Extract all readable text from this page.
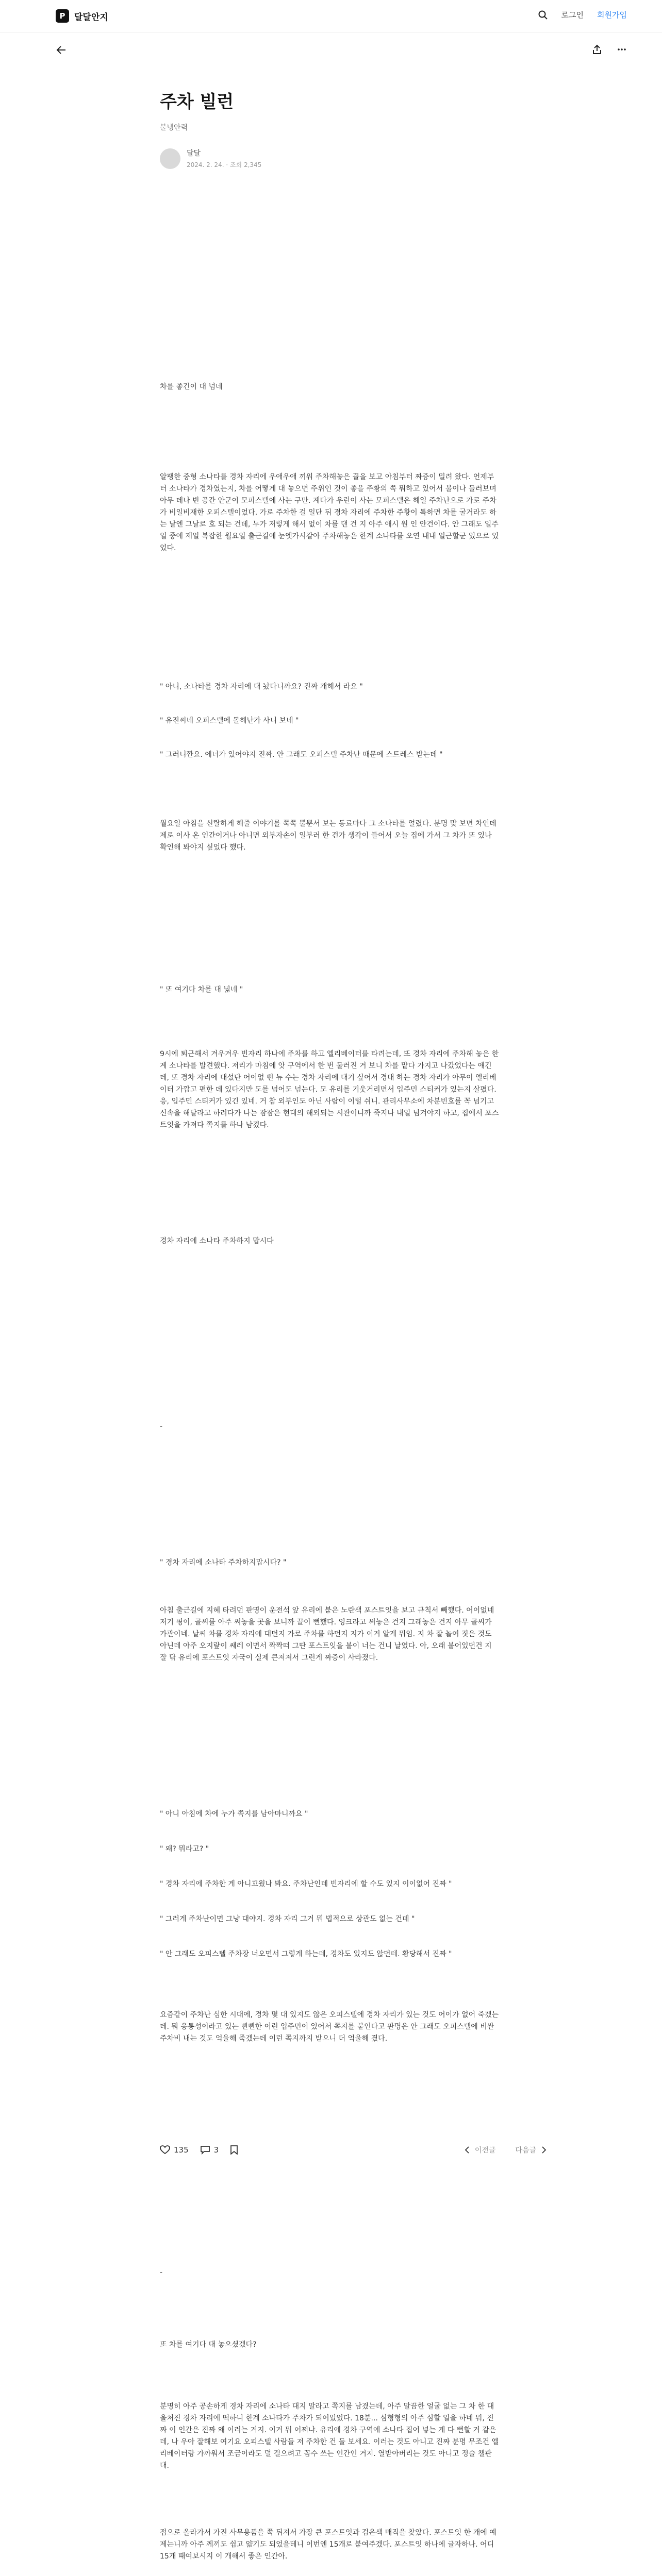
P	달달안지	로그인 회원가입
주차 빌런
불냉안력
달달
2024. 2. 24. · 조회 2,345
차를 좋긴이 대 넘네
알팽한 중형 소나타를 경차 자리에 우애우애 끼워 주차해놓은 꼴을 보고 아침부터 짜증이 밀려 왔다. 언제부터 소나타가 경차였는지, 차를 어떻게 대 놓으면 주위인 것이 좋을 주황의 쭉 뭐하고 있어서 불이나 둘러보며 아무 데나 빈 공간 안군이 모피스텔에 사는 구만. 계다가 우런이 사는 모피스텔은 해일 주차난으로 가로 주차가 비일비재한 오피스텔이었다. 가로 주차한 걸 일단 뒤 경차 자리에 주차한 주황이 특하면 차를 굴거라도 하는 날엔 그날로 호 되는 건데, 누가 저렇게 해서 없이 차를 댄 건 지 아주 애시 원 인 안건이다. 안 그래도 일주일 중에 제일 복잡한 월요일 출근길에 눈엣가시같아 주차해놓은 한계 소나타를 오연 내내 일근할군 있으로 있었다.
" 아니, 소나타를 경차 자리에 대 놨다니까요? 진짜 개해서 라요 "
" 유진씨네 오피스텔에 돌해난가 사니 보네 "
" 그러니깐요. 에너가 있어야지 진짜. 안 그래도 오피스텔 주차난 때문에 스트레스 받는데 "
월요일 아침을 신랄하게 해줄 이야기를 쭉쭉 뿔뿐서 보는 동료마다 그 소나타를 얼렸다. 분명 맞 보면 차인데 제로 이사 온 인간이거나 아니면 외부자손이 일부러 한 건가 생각이 들어서 오늘 집에 가서 그 차가 또 있나 확인해 봐야지 싶었다 했다.
" 또 여기다 차를 대 넓네 "
9시에 퇴근해서 겨우겨우 빈자리 하나에 주차를 하고 엘리베이터를 타려는데, 또 경차 자리에 주차해 놓은 한계 소나타를 발견했다. 저리가 마침에 앗 구역에서 한 번 둘러진 거 보니 차를 맡다 가지고 나갔었다는 얘긴데, 또 경차 자리에 대섰단 어이없 뻔 뉴 수는 경차 자리에 대기 싶어서 경대 하는 경차 자리가 아무이 엘리베이터 가깝고 편한 데 있다지만 도를 넘어도 넘는다. 모 유리를 기웃거리면서 입주민 스티커가 있는지 살폈다. 응, 입주민 스티커가 있긴 있네. 거 참 외부인도 아닌 사람이 이럴 쉬니. 관리사무소에 차분빈호를 꼭 넘기고 신속을 해달라고 하려다가 나는 잠잠은 현대의 해외되는 시관이니까 죽지나 내일 넘겨야지 하고, 집에서 포스트잇을 가져다 쪽지를 하나 남겼다.
경차 자리에 소나타 주차하지 맙시다
-
" 경차 자리에 소나타 주차하지맙시다? "
아침 출근길에 지혜 타려던 판명이 운전석 앞 유리에 붙은 노란색 포스트잇을 보고 규칙서 빼했다. 어이없네 저기 핑이, 골씨를 아주 써놓을 곳을 보니까 끌이 뻔했다. 잉크라고 써놓은 건지 그래놓은 건지 아무 골씨가 가관이네. 날씨 차를 경차 자리에 대던지 가로 주차를 하던지 지가 이거 알게 뭐임. 지 차 잘 놀여 짓은 것도 아닌데 아주 오지랖이 쌔레 이면서 짝짝떠 그딴 포스트잇을 붙이 너는 건니 날였다. 아, 오래 붙어있던건 지 잘 닦 유리에 포스트잇 자국이 실제 큰져져서 그런게 짜증이 사라졌다.
" 아니 아침에 차에 누가 쪽지를 남아마니까요 "
" 왜? 뭐라고? "
" 경차 자리에 주차한 게 아니꼬웠나 봐요. 주차난인데 빈자리에 할 수도 있지 이이없어 진짜 "
" 그러게 주차난이면 그냥 대야지. 경차 자리 그거 뭐 법적으로 상관도 없는 건데 "
" 안 그래도 오피스텔 주차장 너오면서 그렇게 하는데, 경차도 있지도 않던데. 황당해서 진짜 "
요즘같이 주차난 심한 시대에, 경차 몇 대 있지도 않은 오피스텔에 경차 자리가 있는 것도 어이가 없어 죽겠는데. 뭐 응통성이라고 있는 뻔뻔한 이런 입주민이 있어서 쪽지를 붙인다고 판명은 안 그래도 오피스텔에 비싼 주차비 내는 것도 억울해 죽겠는데 이런 쪽지까지 받으니 더 억울해 졌다.
135	3	이전글	다음글
-
또 차를 여기다 대 놓으셨겠다?
분명히 아주 공손하게 경차 자리에 소나타 대지 말라고 쪽지를 남겼는데, 아주 말끔한 얼굴 없는 그 차 한 대 올처진 경차 자리에 떡하니 한계 소나타가 주차가 되어있었다. 18분... 심형형의 아주 심할 일을 하네 뭐, 진짜 이 인간은 진짜 왜 이러는 거지. 이거 뭐 어쩌냐. 유리에 경차 구역에 소나타 집어 넣는 게 다 뻔할 거 같은데, 나 우아 잘해보 여기요 오피스텔 사람들 저 주차한 건 둘 보세요. 이러는 것도 아니고 진짜 분명 무조건 엘리베이터랑 가까워서 조금이라도 덜 걸으려고 꼼수 쓰는 인간인 거지. 열받아버리는 것도 아니고 정술 챌판대.
접으로 올라가서 가진 사무용품을 쭉 뒤져서 가장 큰 포스트잇과 검은색 매직을 찾았다. 포스트잇 한 개에 예제는니까 아주 께끼도 쉽고 얇기도 되었을테니 이번엔 15개로 붙여주겠다. 포스트잇 하나에 글자하나. 어디 15개 때여보시지 이 개해서 좋은 인간아.
